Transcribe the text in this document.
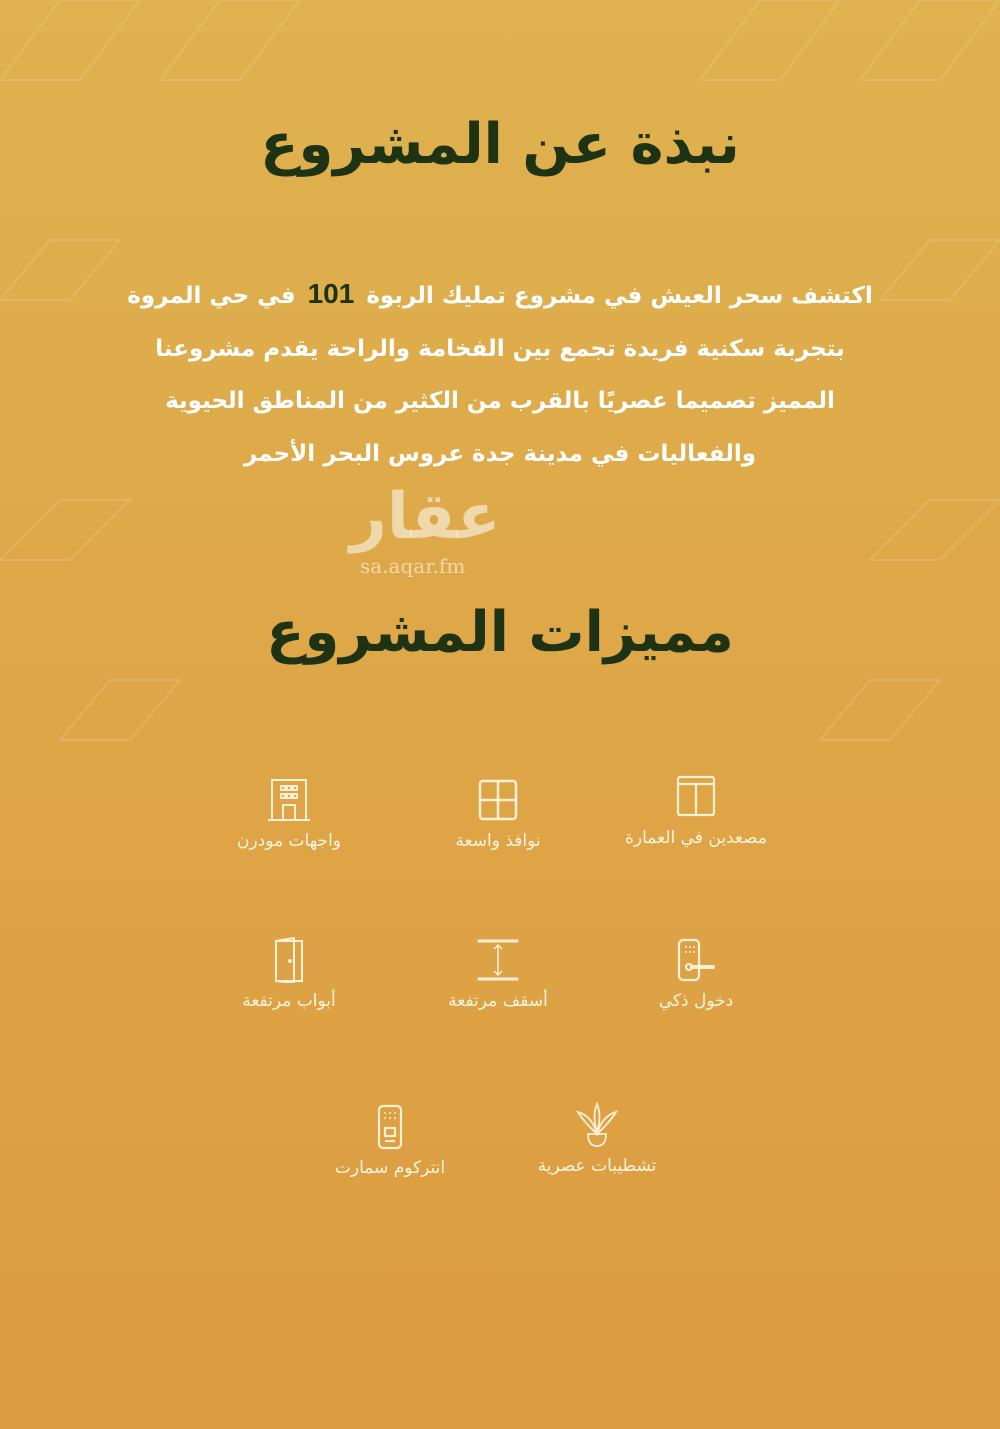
نبذة عن المشروع

اكتشف سحر العيش في مشروع تمليك الربوة101في حي المروة
بتجربة سكنية فريدة تجمع بين الفخامة والراحة يقدم مشروعنا
المميز تصميما عصريًا بالقرب من الكثير من المناطق الحيوية
والفعاليات في مدينة جدة عروس البحر الأحمر

عقار
sa.aqar.fm
مميزات المشروع
مصعدين في العمارة
نوافذ واسعة
واجهات مودرن
دخول ذكي
أسقف مرتفعة
أبواب مرتفعة
تشطيبات عصرية
انتركوم سمارت
